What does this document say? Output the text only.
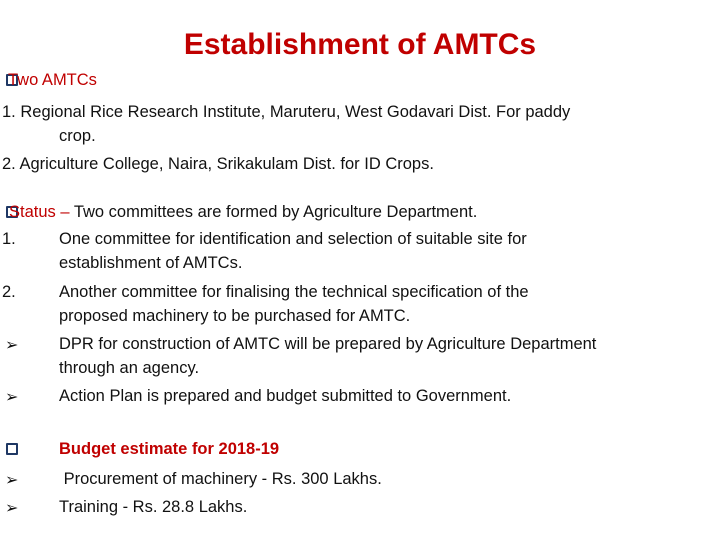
Establishment of AMTCs
Two AMTCs
1. Regional Rice Research Institute, Maruteru, West Godavari Dist. For paddy
crop.
2. Agriculture College, Naira, Srikakulam Dist. for ID Crops.
Status – Two committees are formed by Agriculture Department.
1.	One committee for identification and selection of suitable site for
establishment of AMTCs.
2.	Another committee for finalising the technical specification of the
proposed machinery to be purchased for AMTC.
➢ DPR for construction of AMTC will be prepared by Agriculture Department
through an agency.
➢ Action Plan is prepared and budget submitted to Government.
Budget estimate for 2018-19
➢ Procurement of machinery - Rs. 300 Lakhs.
➢ Training - Rs. 28.8 Lakhs.
